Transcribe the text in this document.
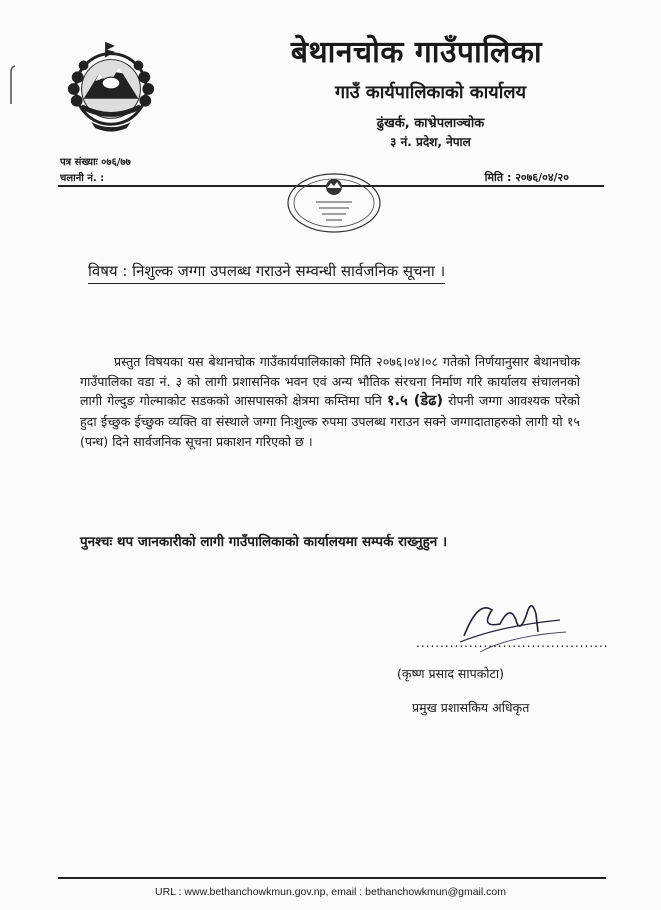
बेथानचोक गाउँपालिका
गाउँ कार्यपालिकाको कार्यालय
ढुंखर्क, काभ्रेपलाञ्चोक
३ नं. प्रदेश, नेपाल
पत्र संख्याः ०७६/७७
चलानी नं. :	मिति : २०७६/०४/२०
विषय : निशुल्क जग्गा उपलब्ध गराउने सम्वन्धी सार्वजनिक सूचना ।

प्रस्तुत विषयका यस बेथानचोक गाउँकार्यपालिकाको मिति २०७६।०४।०८ गतेको निर्णयानुसार बेथानचोक गाउँपालिका वडा नं. ३ को लागी प्रशासनिक भवन एवं अन्य भौतिक संरचना निर्माण गरि कार्यालय संचालनको लागी गेल्दुङ गोल्माकोट सडकको आसपासको क्षेत्रमा कम्तिमा पनि १.५ (डेढ) रोपनी जग्गा आवश्यक परेको हुदा ईच्छुक ईच्छुक व्यक्ति वा संस्थाले जग्गा निःशुल्क रुपमा उपलब्ध गराउन सक्ने जग्गादाताहरुको लागी यो १५ (पन्ध) दिने सार्वजनिक सूचना प्रकाशन गरिएको छ ।

पुनश्चः थप जानकारीको लागी गाउँपालिकाको कार्यालयमा सम्पर्क राख्नुहुन ।

........................................
(कृष्ण प्रसाद सापकोटा)
प्रमुख प्रशासकिय अधिकृत

URL : www.bethanchowkmun.gov.np, email : bethanchowkmun@gmail.com
